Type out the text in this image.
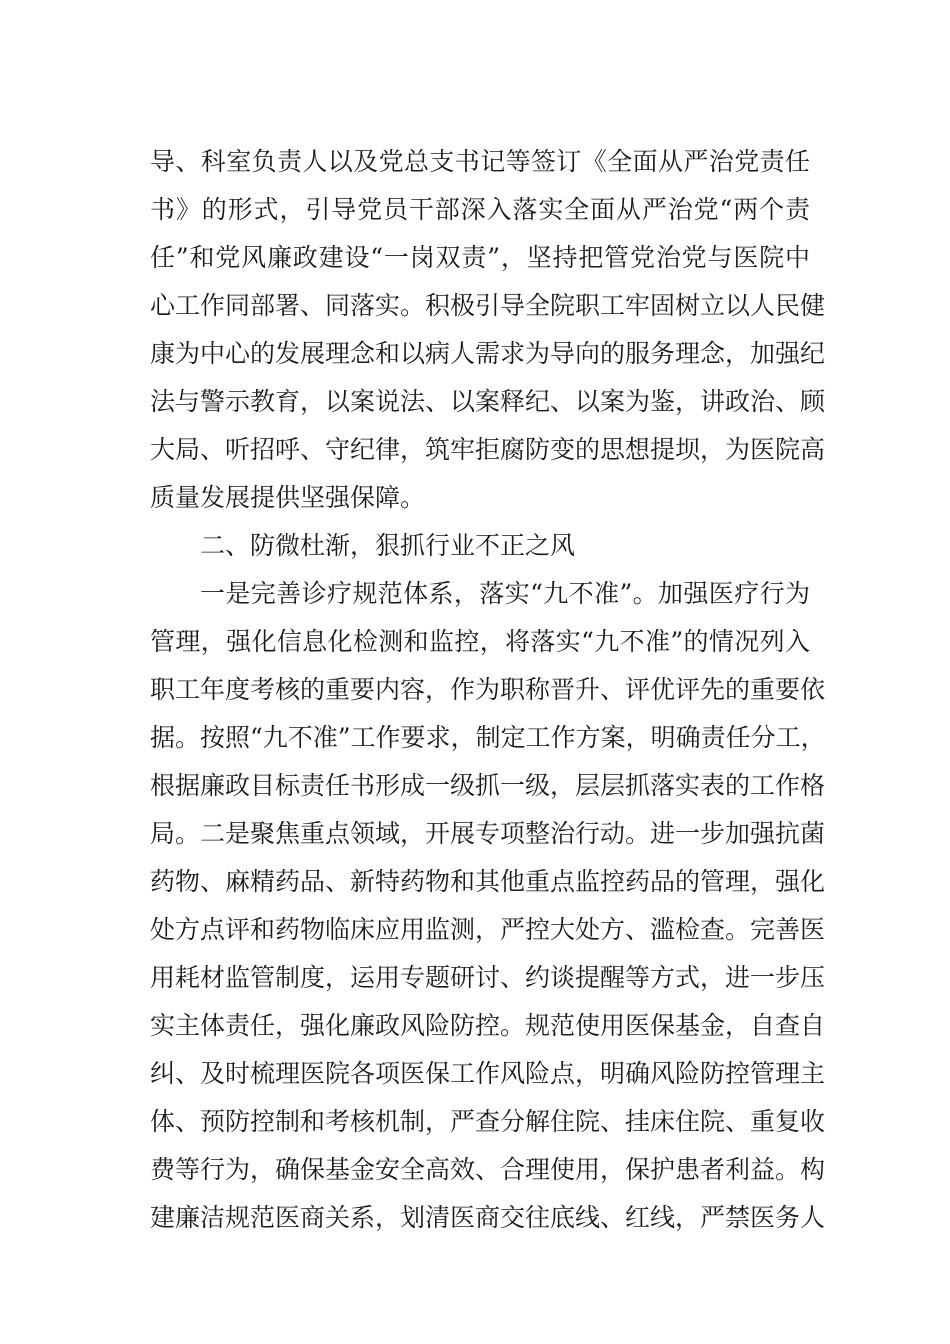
导、科室负责人以及党总支书记等签订《全面从严治党责任
书》的形式，引导党员干部深入落实全面从严治党“两个责
任”和党风廉政建设“一岗双责”，坚持把管党治党与医院中
心工作同部署、同落实。积极引导全院职工牢固树立以人民健
康为中心的发展理念和以病人需求为导向的服务理念，加强纪
法与警示教育，以案说法、以案释纪、以案为鉴，讲政治、顾
大局、听招呼、守纪律，筑牢拒腐防变的思想提坝，为医院高
质量发展提供坚强保障。
二、防微杜渐，狠抓行业不正之风
一是完善诊疗规范体系，落实“九不准”。加强医疗行为
管理，强化信息化检测和监控，将落实“九不准”的情况列入
职工年度考核的重要内容，作为职称晋升、评优评先的重要依
据。按照“九不准”工作要求，制定工作方案，明确责任分工，
根据廉政目标责任书形成一级抓一级，层层抓落实表的工作格
局。二是聚焦重点领域，开展专项整治行动。进一步加强抗菌
药物、麻精药品、新特药物和其他重点监控药品的管理，强化
处方点评和药物临床应用监测，严控大处方、滥检查。完善医
用耗材监管制度，运用专题研讨、约谈提醒等方式，进一步压
实主体责任，强化廉政风险防控。规范使用医保基金，自查自
纠、及时梳理医院各项医保工作风险点，明确风险防控管理主
体、预防控制和考核机制，严查分解住院、挂床住院、重复收
费等行为，确保基金安全高效、合理使用，保护患者利益。构
建廉洁规范医商关系，划清医商交往底线、红线，严禁医务人
